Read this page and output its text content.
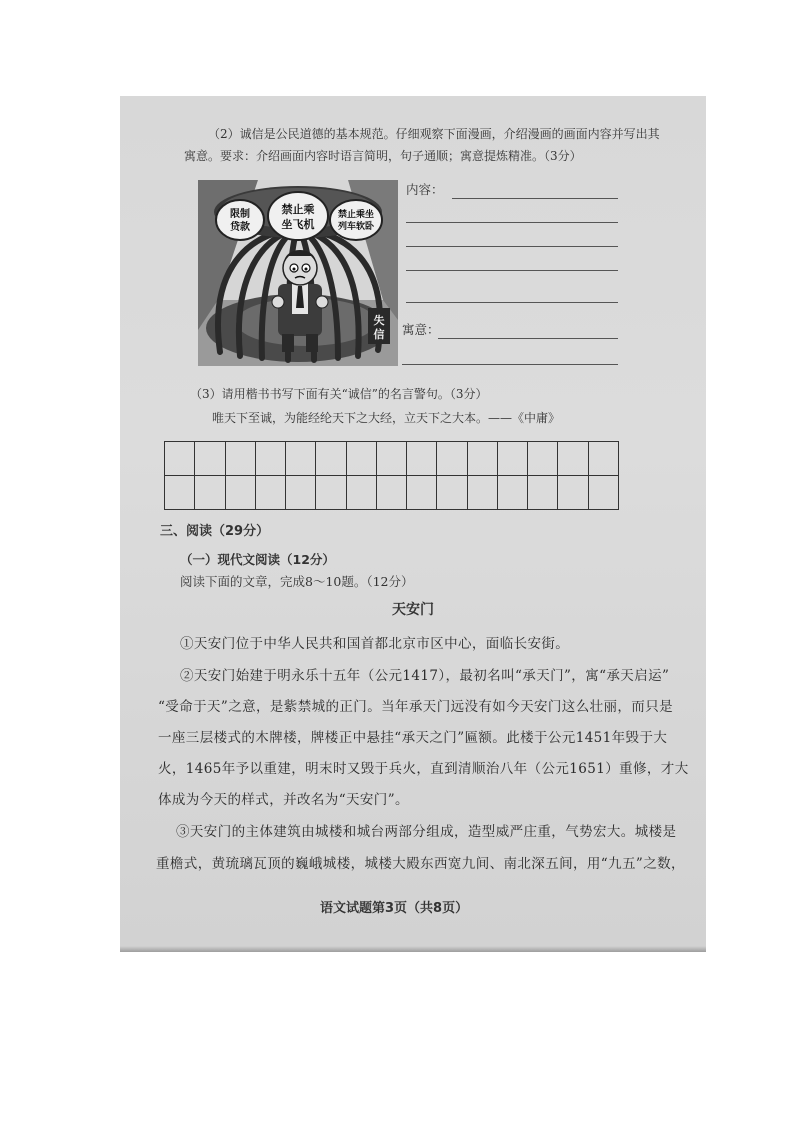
（2）诚信是公民道德的基本规范。仔细观察下面漫画，介绍漫画的画面内容并写出其
寓意。要求：介绍画面内容时语言简明，句子通顺；寓意提炼精准。（3分）
限制
贷款
禁止乘
坐飞机
禁止乘坐
列车软卧
失
信
内容：
寓意：
（3）请用楷书书写下面有关“诚信”的名言警句。（3分）
唯天下至诚，为能经纶天下之大经，立天下之大本。——《中庸》
三、阅读（29分）
（一）现代文阅读（12分）
阅读下面的文章，完成8～10题。（12分）
天安门
①天安门位于中华人民共和国首都北京市区中心，面临长安街。
②天安门始建于明永乐十五年（公元1417），最初名叫“承天门”，寓“承天启运”
“受命于天”之意，是紫禁城的正门。当年承天门远没有如今天安门这么壮丽，而只是
一座三层楼式的木牌楼，牌楼正中悬挂“承天之门”匾额。此楼于公元1451年毁于大
火，1465年予以重建，明末时又毁于兵火，直到清顺治八年（公元1651）重修，才大
体成为今天的样式，并改名为“天安门”。
③天安门的主体建筑由城楼和城台两部分组成，造型威严庄重，气势宏大。城楼是
重檐式，黄琉璃瓦顶的巍峨城楼，城楼大殿东西宽九间、南北深五间，用“九五”之数，
语文试题第3页（共8页）
